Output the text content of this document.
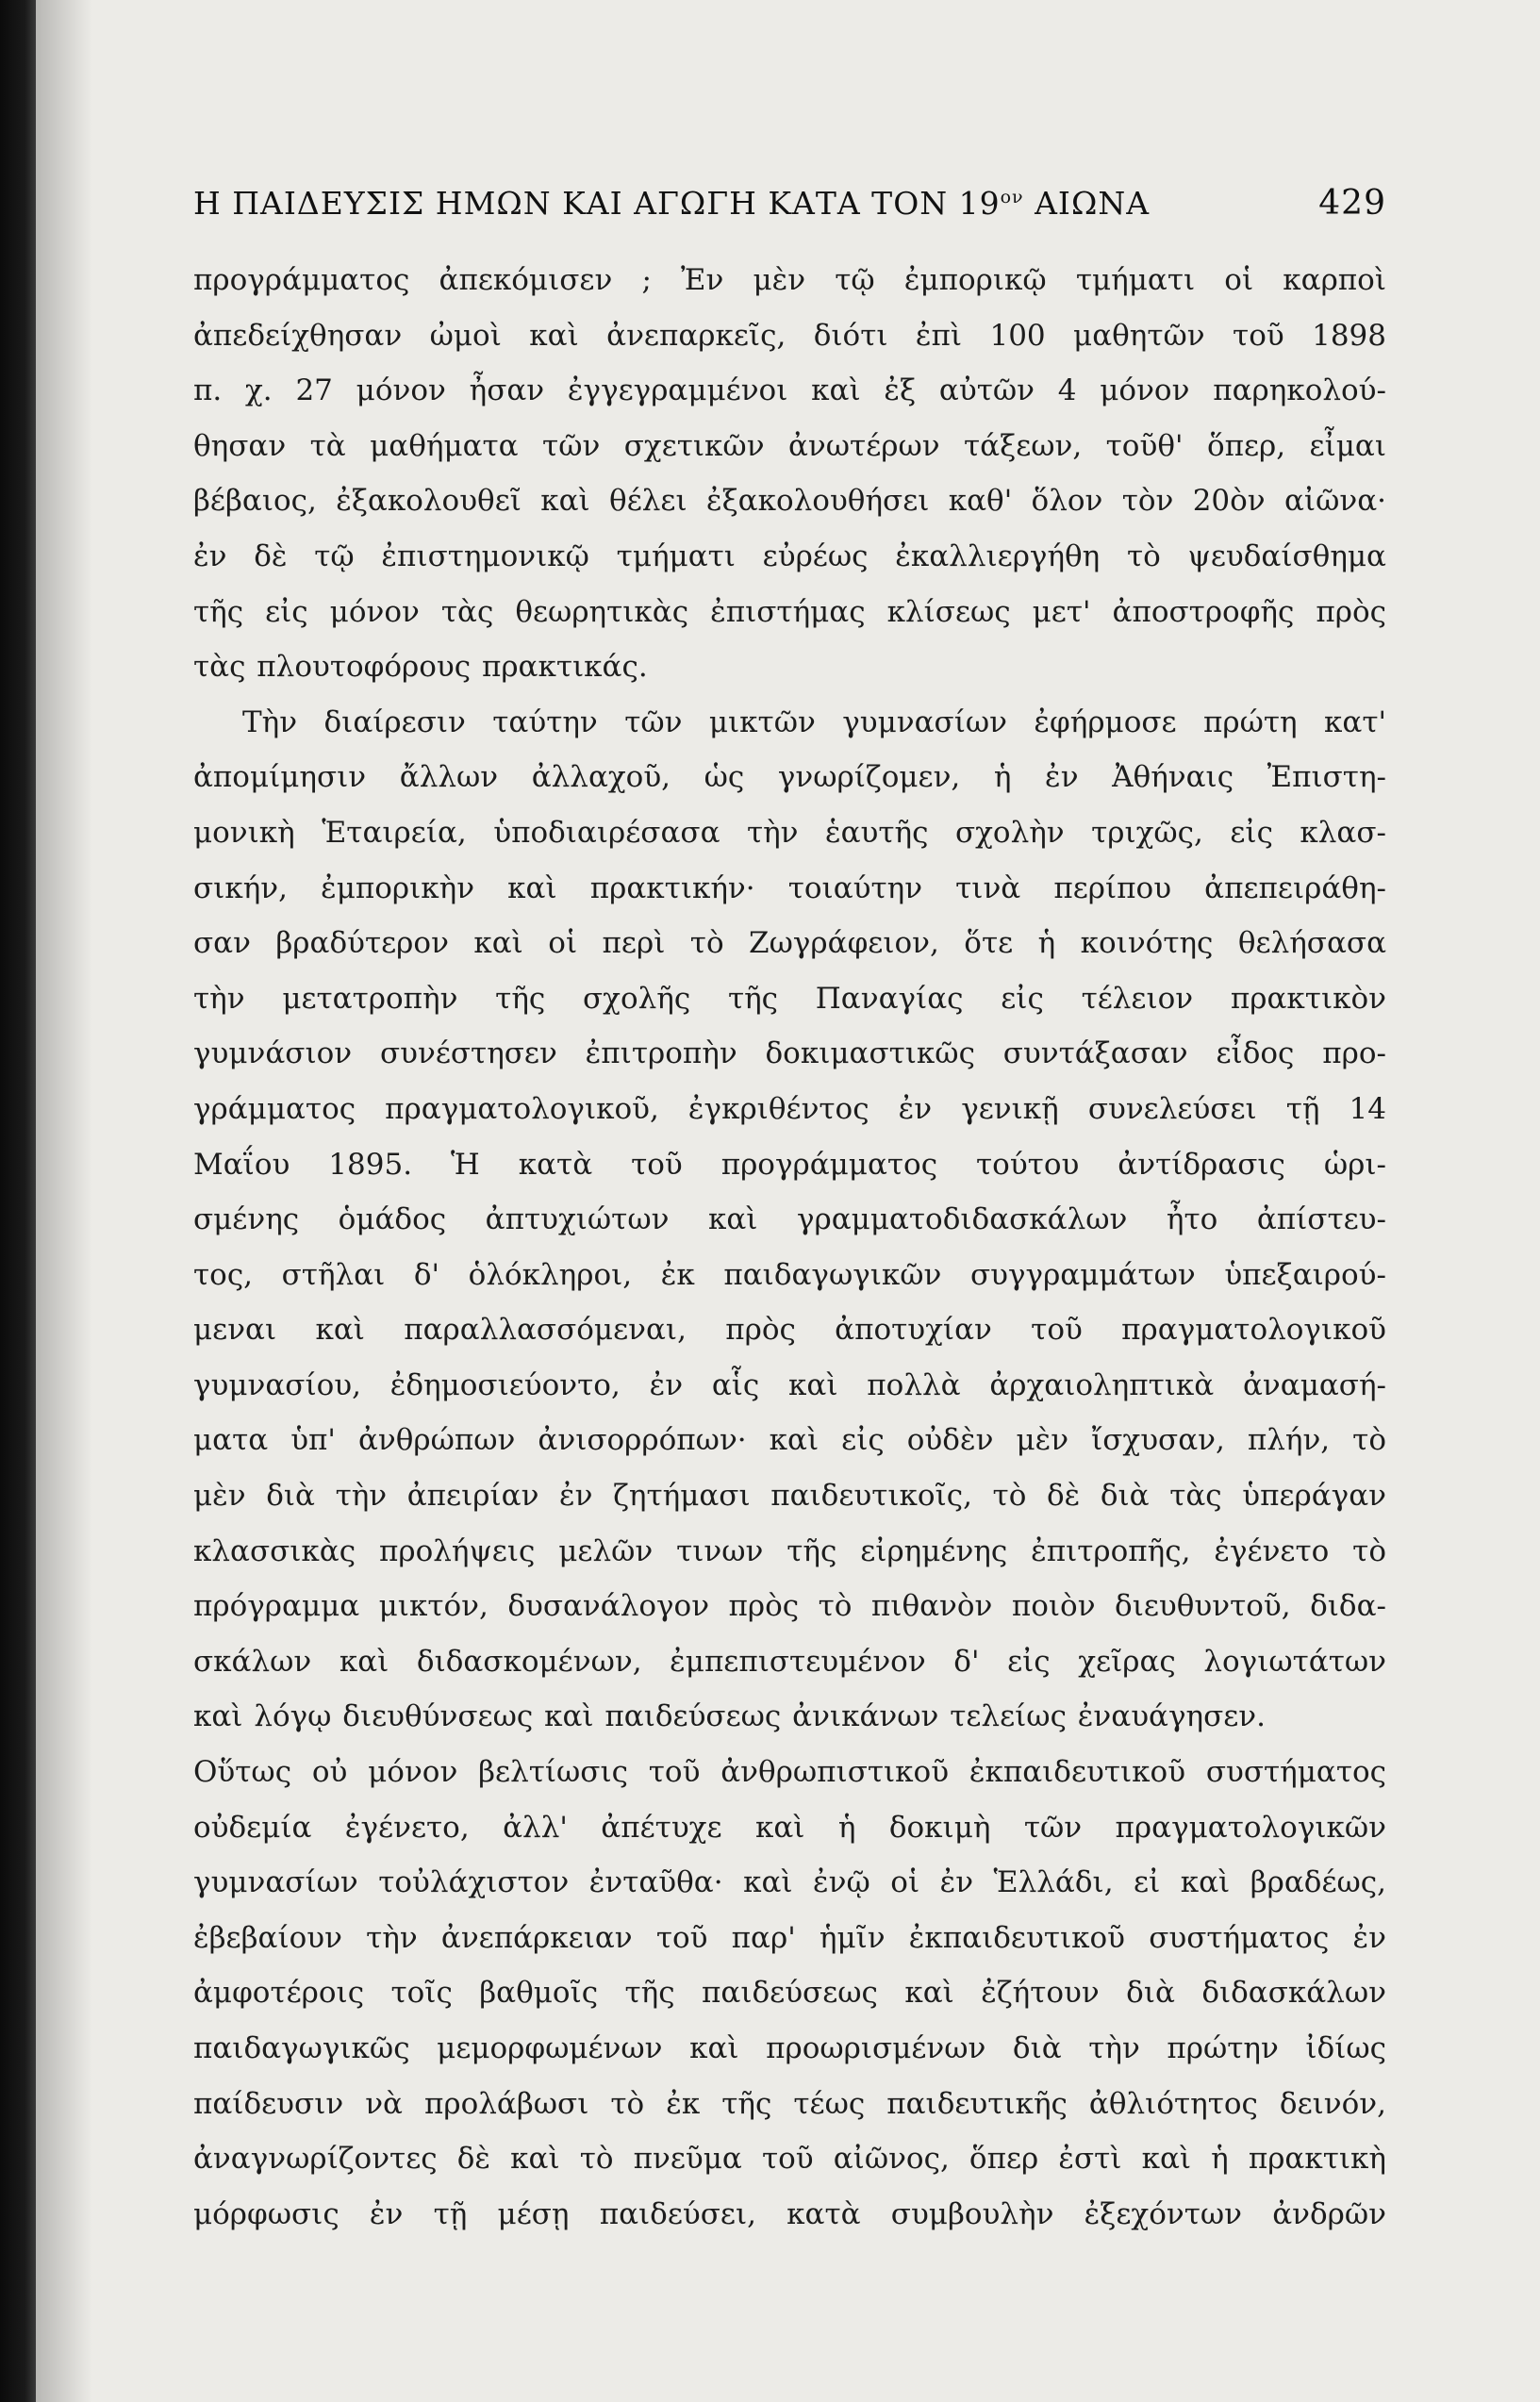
Η ΠΑΙΔΕΥΣΙΣ ΗΜΩΝ ΚΑΙ ΑΓΩΓΗ ΚΑΤΑ ΤΟΝ $19^{o\nu}$ ΑΙΩΝΑ	429
προγράμματος ἀπεκόμισεν ; Ἐν μὲν τῷ ἐμπορικῷ τμήματι οἱ καρποὶ
ἀπεδείχθησαν ὠμοὶ καὶ ἀνεπαρκεῖς, διότι ἐπὶ 100 μαθητῶν τοῦ 1898
π. χ. 27 μόνον ἦσαν ἐγγεγραμμένοι καὶ ἐξ αὐτῶν 4 μόνον παρηκολού-
θησαν τὰ μαθήματα τῶν σχετικῶν ἀνωτέρων τάξεων, τοῦθ' ὅπερ, εἶμαι
βέβαιος, ἐξακολουθεῖ καὶ θέλει ἐξακολουθήσει καθ' ὅλον τὸν 20ὸν αἰῶνα·
ἐν δὲ τῷ ἐπιστημονικῷ τμήματι εὐρέως ἐκαλλιεργήθη τὸ ψευδαίσθημα
τῆς εἰς μόνον τὰς θεωρητικὰς ἐπιστήμας κλίσεως μετ' ἀποστροφῆς πρὸς
τὰς πλουτοφόρους πρακτικάς.
Τὴν διαίρεσιν ταύτην τῶν μικτῶν γυμνασίων ἐφήρμοσε πρώτη κατ'
ἀπομίμησιν ἄλλων ἀλλαχοῦ, ὡς γνωρίζομεν, ἡ ἐν Ἀθήναις Ἐπιστη-
μονικὴ Ἑταιρεία, ὑποδιαιρέσασα τὴν ἑαυτῆς σχολὴν τριχῶς, εἰς κλασ-
σικήν, ἐμπορικὴν καὶ πρακτικήν· τοιαύτην τινὰ περίπου ἀπεπειράθη-
σαν βραδύτερον καὶ οἱ περὶ τὸ Ζωγράφειον, ὅτε ἡ κοινότης θελήσασα
τὴν μετατροπὴν τῆς σχολῆς τῆς Παναγίας εἰς τέλειον πρακτικὸν
γυμνάσιον συνέστησεν ἐπιτροπὴν δοκιμαστικῶς συντάξασαν εἶδος προ-
γράμματος πραγματολογικοῦ, ἐγκριθέντος ἐν γενικῇ συνελεύσει τῇ 14
Μαΐου 1895. Ἡ κατὰ τοῦ προγράμματος τούτου ἀντίδρασις ὡρι-
σμένης ὁμάδος ἀπτυχιώτων καὶ γραμματοδιδασκάλων ἦτο ἀπίστευ-
τος, στῆλαι δ' ὁλόκληροι, ἐκ παιδαγωγικῶν συγγραμμάτων ὑπεξαιρού-
μεναι καὶ παραλλασσόμεναι, πρὸς ἀποτυχίαν τοῦ πραγματολογικοῦ
γυμνασίου, ἐδημοσιεύοντο, ἐν αἷς καὶ πολλὰ ἀρχαιοληπτικὰ ἀναμασή-
ματα ὑπ' ἀνθρώπων ἀνισορρόπων· καὶ εἰς οὐδὲν μὲν ἴσχυσαν, πλήν, τὸ
μὲν διὰ τὴν ἀπειρίαν ἐν ζητήμασι παιδευτικοῖς, τὸ δὲ διὰ τὰς ὑπεράγαν
κλασσικὰς προλήψεις μελῶν τινων τῆς εἰρημένης ἐπιτροπῆς, ἐγένετο τὸ
πρόγραμμα μικτόν, δυσανάλογον πρὸς τὸ πιθανὸν ποιὸν διευθυντοῦ, διδα-
σκάλων καὶ διδασκομένων, ἐμπεπιστευμένον δ' εἰς χεῖρας λογιωτάτων
καὶ λόγῳ διευθύνσεως καὶ παιδεύσεως ἀνικάνων τελείως ἐναυάγησεν.
Οὕτως οὐ μόνον βελτίωσις τοῦ ἀνθρωπιστικοῦ ἐκπαιδευτικοῦ συστήματος
οὐδεμία ἐγένετο, ἀλλ' ἀπέτυχε καὶ ἡ δοκιμὴ τῶν πραγματολογικῶν
γυμνασίων τοὐλάχιστον ἐνταῦθα· καὶ ἐνῷ οἱ ἐν Ἑλλάδι, εἰ καὶ βραδέως,
ἐβεβαίουν τὴν ἀνεπάρκειαν τοῦ παρ' ἡμῖν ἐκπαιδευτικοῦ συστήματος ἐν
ἀμφοτέροις τοῖς βαθμοῖς τῆς παιδεύσεως καὶ ἐζήτουν διὰ διδασκάλων
παιδαγωγικῶς μεμορφωμένων καὶ προωρισμένων διὰ τὴν πρώτην ἰδίως
παίδευσιν νὰ προλάβωσι τὸ ἐκ τῆς τέως παιδευτικῆς ἀθλιότητος δεινόν,
ἀναγνωρίζοντες δὲ καὶ τὸ πνεῦμα τοῦ αἰῶνος, ὅπερ ἐστὶ καὶ ἡ πρακτικὴ
μόρφωσις ἐν τῇ μέσῃ παιδεύσει, κατὰ συμβουλὴν ἐξεχόντων ἀνδρῶν
